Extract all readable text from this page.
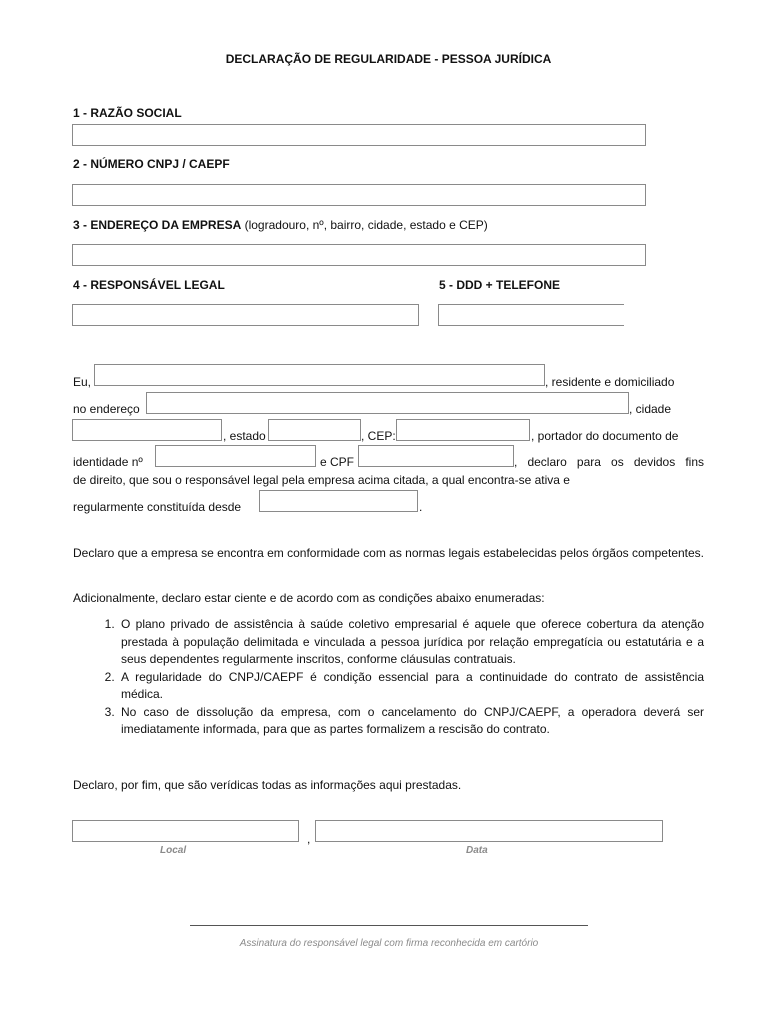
DECLARAÇÃO DE REGULARIDADE - PESSOA JURÍDICA
1 - RAZÃO SOCIAL
2 - NÚMERO CNPJ / CAEPF
3 - ENDEREÇO DA EMPRESA (logradouro, nº, bairro, cidade, estado e CEP)
4 - RESPONSÁVEL LEGAL	5 - DDD + TELEFONE
Eu,	, residente e domiciliado
no endereço	, cidade
, estado	, CEP:	, portador do documento de
identidade nº	e CPF	, declaro para os devidos fins
de direito, que sou o responsável legal pela empresa acima citada, a qual encontra-se ativa e
regularmente constituída desde	.
Declaro que a empresa se encontra em conformidade com as normas legais estabelecidas pelos órgãos competentes.
Adicionalmente, declaro estar ciente e de acordo com as condições abaixo enumeradas:
1. O plano privado de assistência à saúde coletivo empresarial é aquele que oferece cobertura da atenção prestada à população delimitada e vinculada a pessoa jurídica por relação empregatícia ou estatutária e a seus dependentes regularmente inscritos, conforme cláusulas contratuais.
2. A regularidade do CNPJ/CAEPF é condição essencial para a continuidade do contrato de assistência médica.
3. No caso de dissolução da empresa, com o cancelamento do CNPJ/CAEPF, a operadora deverá ser imediatamente informada, para que as partes formalizem a rescisão do contrato.
Declaro, por fim, que são verídicas todas as informações aqui prestadas.
,
Local	Data
Assinatura do responsável legal com firma reconhecida em cartório
